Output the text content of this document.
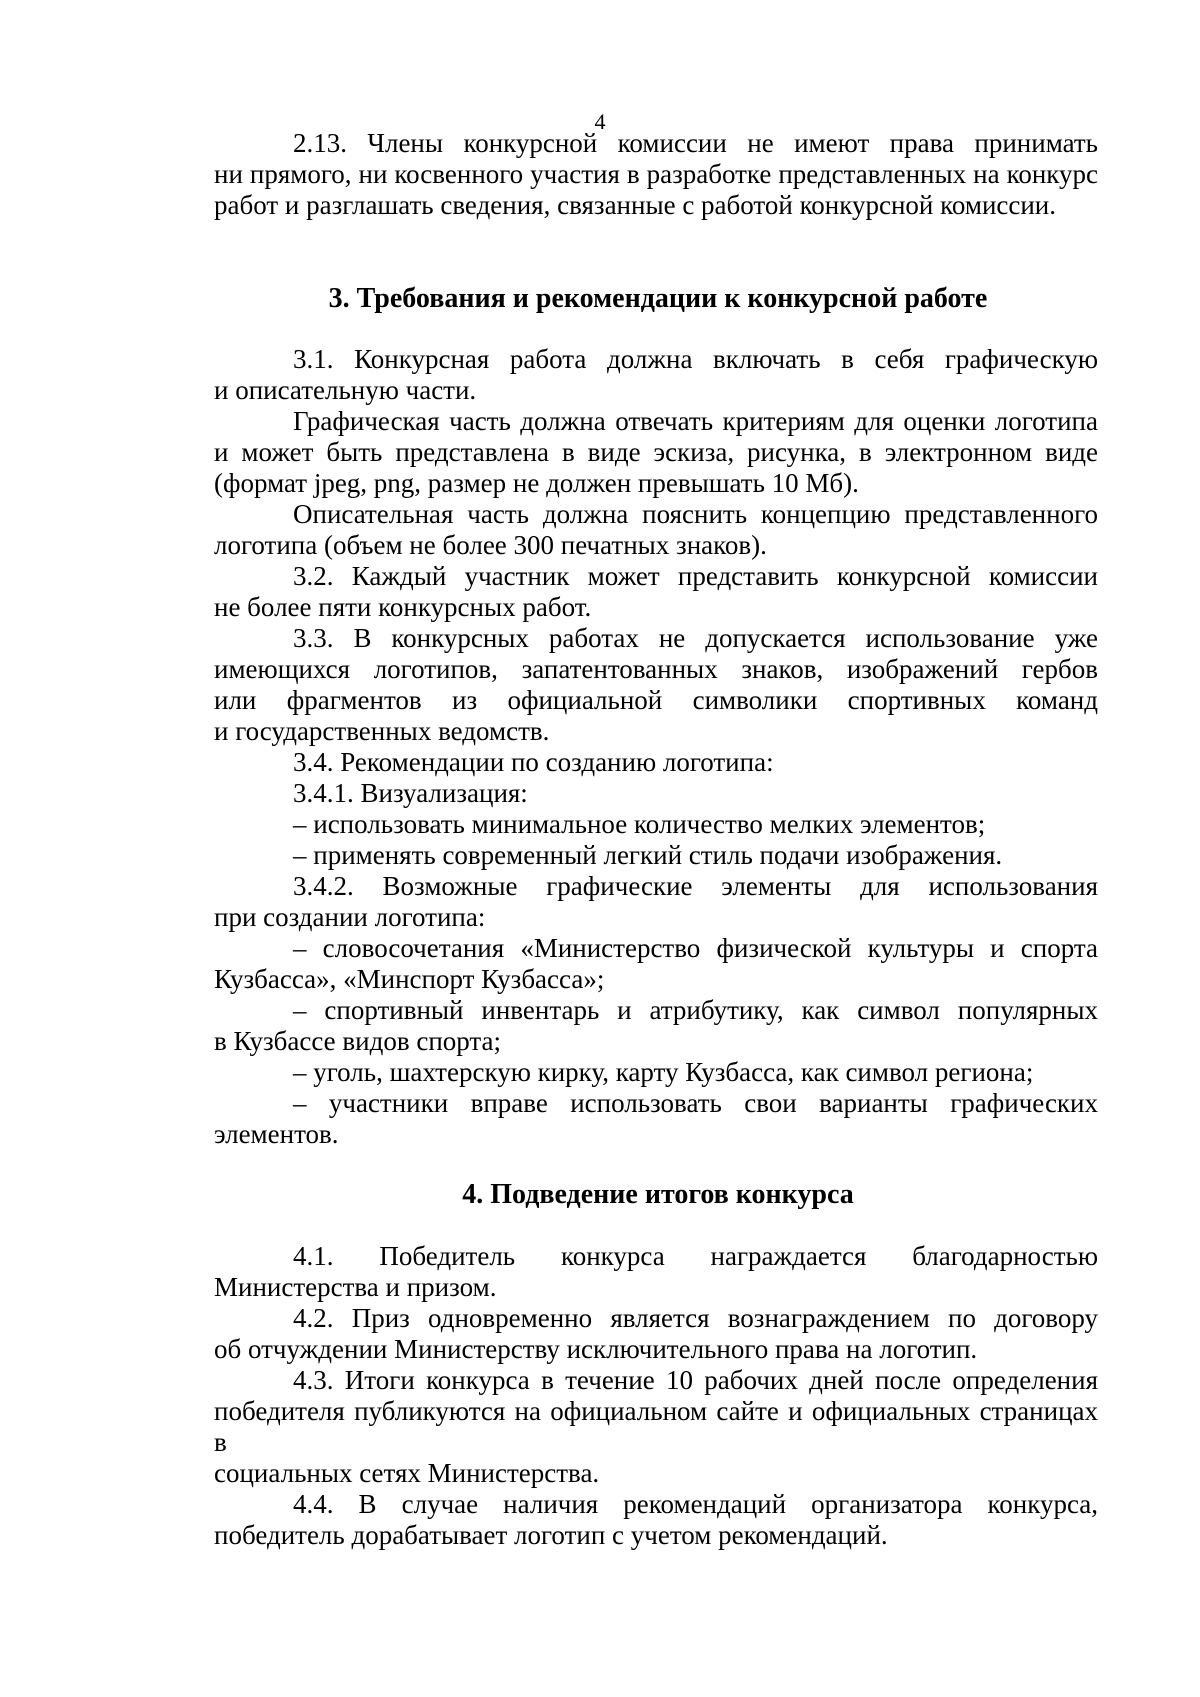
4

2.13. Члены конкурсной комиссии не имеют права принимать

ни прямого, ни косвенного участия в разработке представленных на конкурс

работ и разглашать сведения, связанные с работой конкурсной комиссии.

3. Требования и рекомендации к конкурсной работе

3.1. Конкурсная работа должна включать в себя графическую

и описательную части.

Графическая часть должна отвечать критериям для оценки логотипа

и может быть представлена в виде эскиза, рисунка, в электронном виде

(формат jpeg, png, размер не должен превышать 10 Мб).

Описательная часть должна пояснить концепцию представленного

логотипа (объем не более 300 печатных знаков).

3.2. Каждый участник может представить конкурсной комиссии

не более пяти конкурсных работ.

3.3. В конкурсных работах не допускается использование уже

имеющихся логотипов, запатентованных знаков, изображений гербов

или фрагментов из официальной символики спортивных команд

и государственных ведомств.

3.4. Рекомендации по созданию логотипа:

3.4.1. Визуализация:

– использовать минимальное количество мелких элементов;

– применять современный легкий стиль подачи изображения.

3.4.2. Возможные графические элементы для использования

при создании логотипа:

– словосочетания «Министерство физической культуры и спорта

Кузбасса», «Минспорт Кузбасса»;

– спортивный инвентарь и атрибутику, как символ популярных

в Кузбассе видов спорта;

– уголь, шахтерскую кирку, карту Кузбасса, как символ региона;

– участники вправе использовать свои варианты графических

элементов.

4. Подведение итогов конкурса

4.1. Победитель конкурса награждается благодарностью

Министерства и призом.

4.2. Приз одновременно является вознаграждением по договору

об отчуждении Министерству исключительного права на логотип.

4.3. Итоги конкурса в течение 10 рабочих дней после определения

победителя публикуются на официальном сайте и официальных страницах в

социальных сетях Министерства.

4.4. В случае наличия рекомендаций организатора конкурса,

победитель дорабатывает логотип с учетом рекомендаций.
